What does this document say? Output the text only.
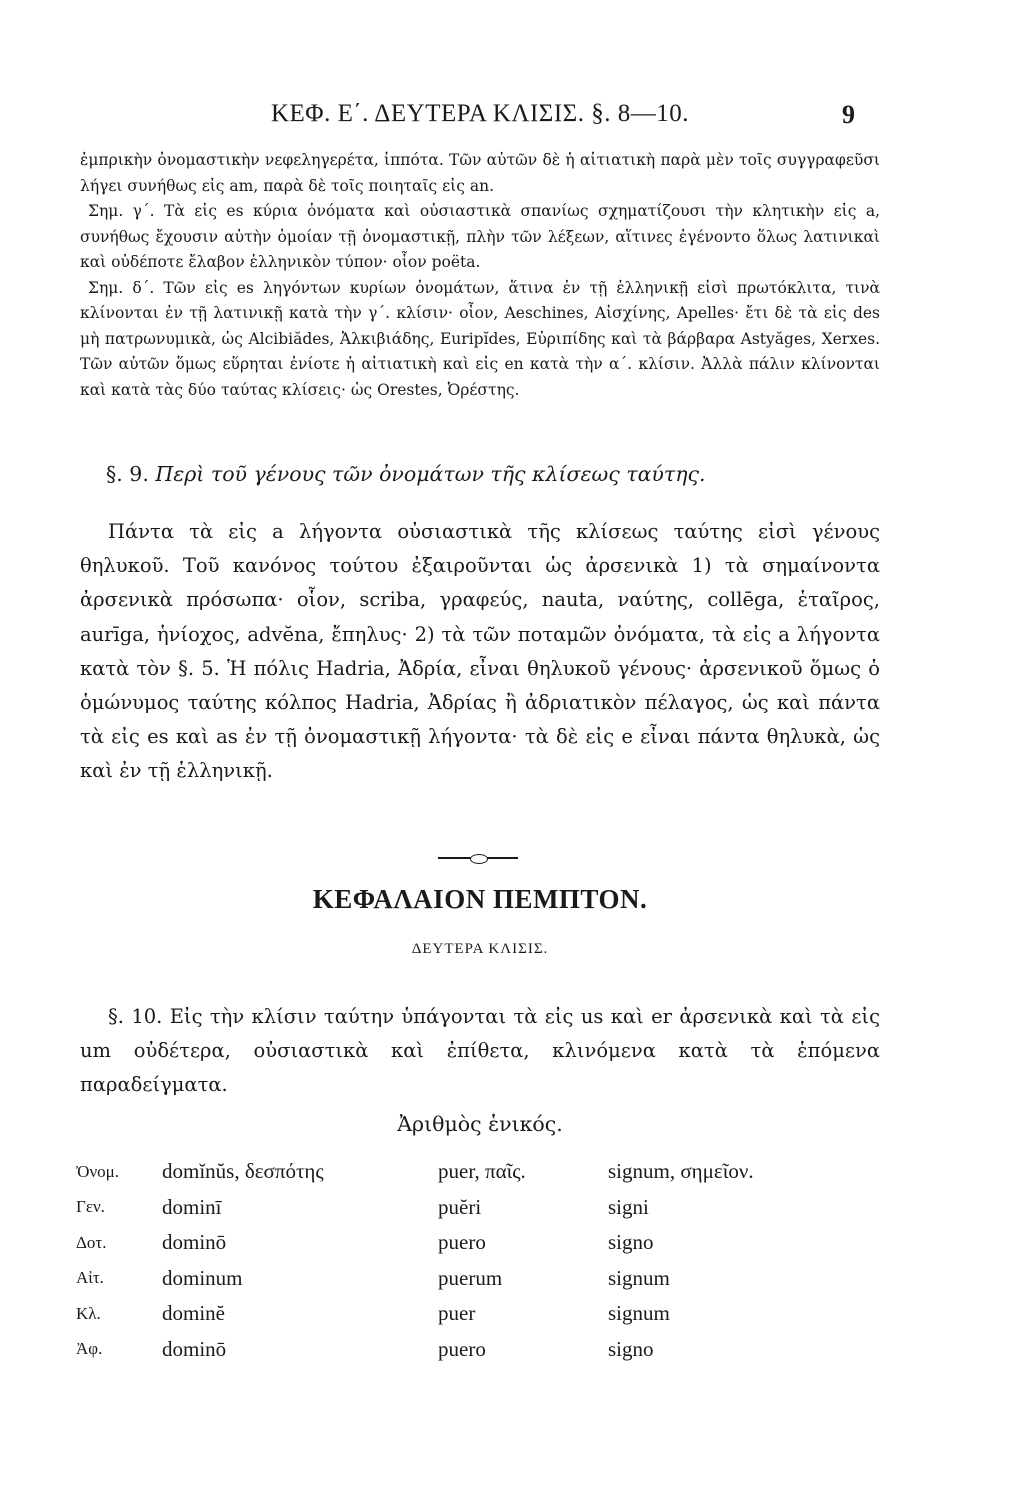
ΚΕΦ. Ε΄. ΔΕΥΤΕΡΑ ΚΛΙΣΙΣ. §. 8—10.	9

ἐμπρικὴν ὀνομαστικὴν νεφεληγερέτα, ἱππότα. Τῶν αὐτῶν δὲ ἡ αἰτιατικὴ παρὰ μὲν τοῖς συγγραφεῦσι λήγει συνήθως εἰς am, παρὰ δὲ τοῖς ποιηταῖς εἰς an.

Σημ. γ΄. Τὰ εἰς es κύρια ὀνόματα καὶ οὐσιαστικὰ σπανίως σχηματίζουσι τὴν κλητικὴν εἰς a, συνήθως ἔχουσιν αὐτὴν ὁμοίαν τῇ ὀνομαστικῇ, πλὴν τῶν λέξεων, αἵτινες ἐγένοντο ὅλως λατινικαὶ καὶ οὐδέποτε ἔλαβον ἑλληνικὸν τύπον· οἷον poëta.

Σημ. δ΄. Τῶν εἰς es ληγόντων κυρίων ὀνομάτων, ἅτινα ἐν τῇ ἑλληνικῇ εἰσὶ πρωτόκλιτα, τινὰ κλίνονται ἐν τῇ λατινικῇ κατὰ τὴν γ΄. κλίσιν· οἷον, Aeschines, Αἰσχίνης, Apelles· ἔτι δὲ τὰ εἰς des μὴ πατρωνυμικὰ, ὡς Alcibiădes, Ἀλκιβιάδης, Euripĭdes, Εὐριπίδης καὶ τὰ βάρβαρα Astyăges, Xerxes. Τῶν αὐτῶν ὅμως εὕρηται ἐνίοτε ἡ αἰτιατικὴ καὶ εἰς en κατὰ τὴν α΄. κλίσιν. Ἀλλὰ πάλιν κλίνονται καὶ κατὰ τὰς δύο ταύτας κλίσεις· ὡς Orestes, Ὀρέστης.

§. 9. Περὶ τοῦ γένους τῶν ὀνομάτων τῆς κλίσεως ταύτης.

Πάντα τὰ εἰς a λήγοντα οὐσιαστικὰ τῆς κλίσεως ταύτης εἰσὶ γένους θηλυκοῦ. Τοῦ κανόνος τούτου ἐξαιροῦνται ὡς ἀρσενικὰ 1) τὰ σημαίνοντα ἀρσενικὰ πρόσωπα· οἷον, scriba, γραφεύς, nauta, ναύτης, collēga, ἑταῖρος, aurīga, ἡνίοχος, advĕna, ἔπηλυς· 2) τὰ τῶν ποταμῶν ὀνόματα, τὰ εἰς a λήγοντα κατὰ τὸν §. 5. Ἡ πόλις Hadria, Ἀδρία, εἶναι θηλυκοῦ γένους· ἀρσενικοῦ ὅμως ὁ ὁμώνυμος ταύτης κόλπος Hadria, Ἀδρίας ἢ ἀδριατικὸν πέλαγος, ὡς καὶ πάντα τὰ εἰς es καὶ as ἐν τῇ ὀνομαστικῇ λήγοντα· τὰ δὲ εἰς e εἶναι πάντα θηλυκὰ, ὡς καὶ ἐν τῇ ἑλληνικῇ.

ΚΕΦΑΛΑΙΟΝ ΠΕΜΠΤΟΝ.
ΔΕΥΤΕΡΑ ΚΛΙΣΙΣ.

§. 10. Εἰς τὴν κλίσιν ταύτην ὑπάγονται τὰ εἰς us καὶ er ἀρσενικὰ καὶ τὰ εἰς um οὐδέτερα, οὐσιαστικὰ καὶ ἐπίθετα, κλινόμενα κατὰ τὰ ἑπόμενα παραδείγματα.

Ἀριθμὸς ἑνικός.
Ὀνομ.	domĭnŭs, δεσπότης	puer, παῖς.	signum, σημεῖον.
Γεν.	dominī	puĕri	signi
Δοτ.	dominō	puero	signo
Αἰτ.	dominum	puerum	signum
Κλ.	dominĕ	puer	signum
Ἀφ.	dominō	puero	signo
